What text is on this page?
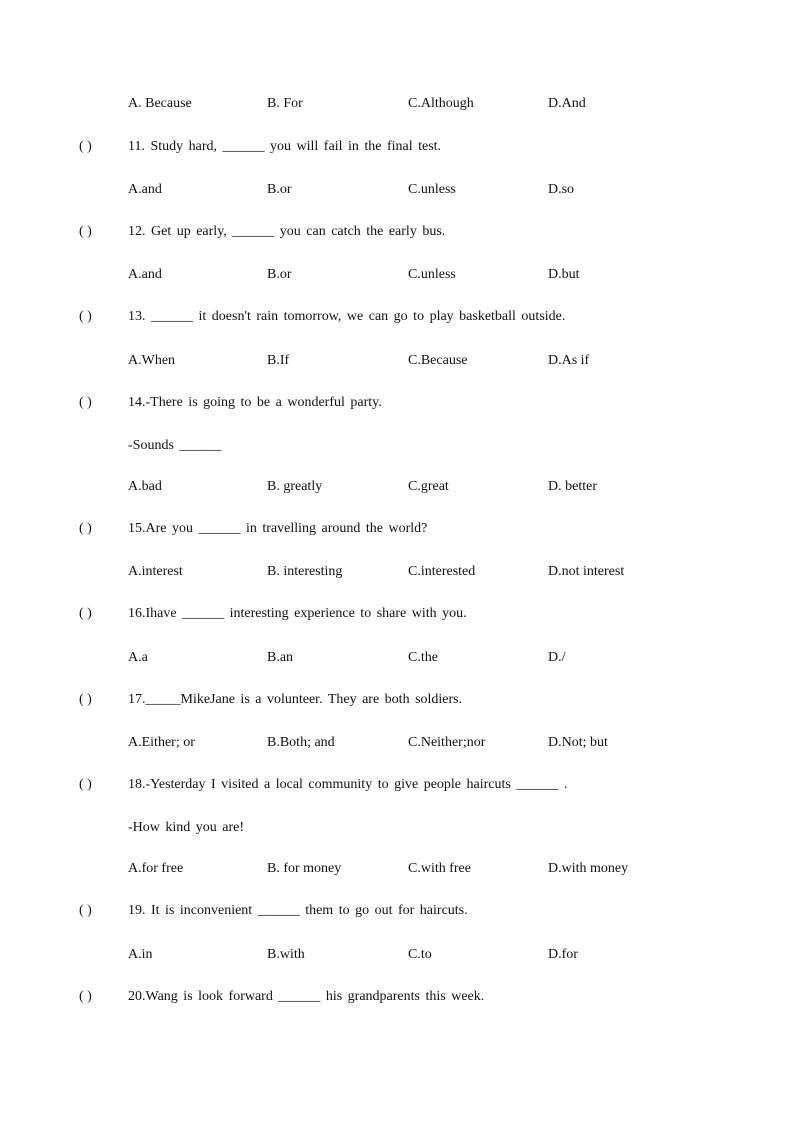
A. Because	B. For	C.Although	D.And
( )	11. Study hard, ______ you will fail in the final test.
A.and	B.or	C.unless	D.so
( )	12. Get up early, ______ you can catch the early bus.
A.and	B.or	C.unless	D.but
( )	13. ______ it doesn't rain tomorrow, we can go to play basketball outside.
A.When	B.If	C.Because	D.As if
( )	14.-There is going to be a wonderful party.
-Sounds ______
A.bad	B. greatly	C.great	D. better
( )	15.Are you ______ in travelling around the world?
A.interest	B. interesting	C.interested	D.not interest
( )	16.Ihave ______ interesting experience to share with you.
A.a	B.an	C.the	D./
( )	17._____MikeJane is a volunteer. They are both soldiers.
A.Either; or	B.Both; and	C.Neither;nor	D.Not; but
( )	18.-Yesterday I visited a local community to give people haircuts ______ .
-How kind you are!
A.for free	B. for money	C.with free	D.with money
( )	19. It is inconvenient ______ them to go out for haircuts.
A.in	B.with	C.to	D.for
( )	20.Wang is look forward ______ his grandparents this week.
